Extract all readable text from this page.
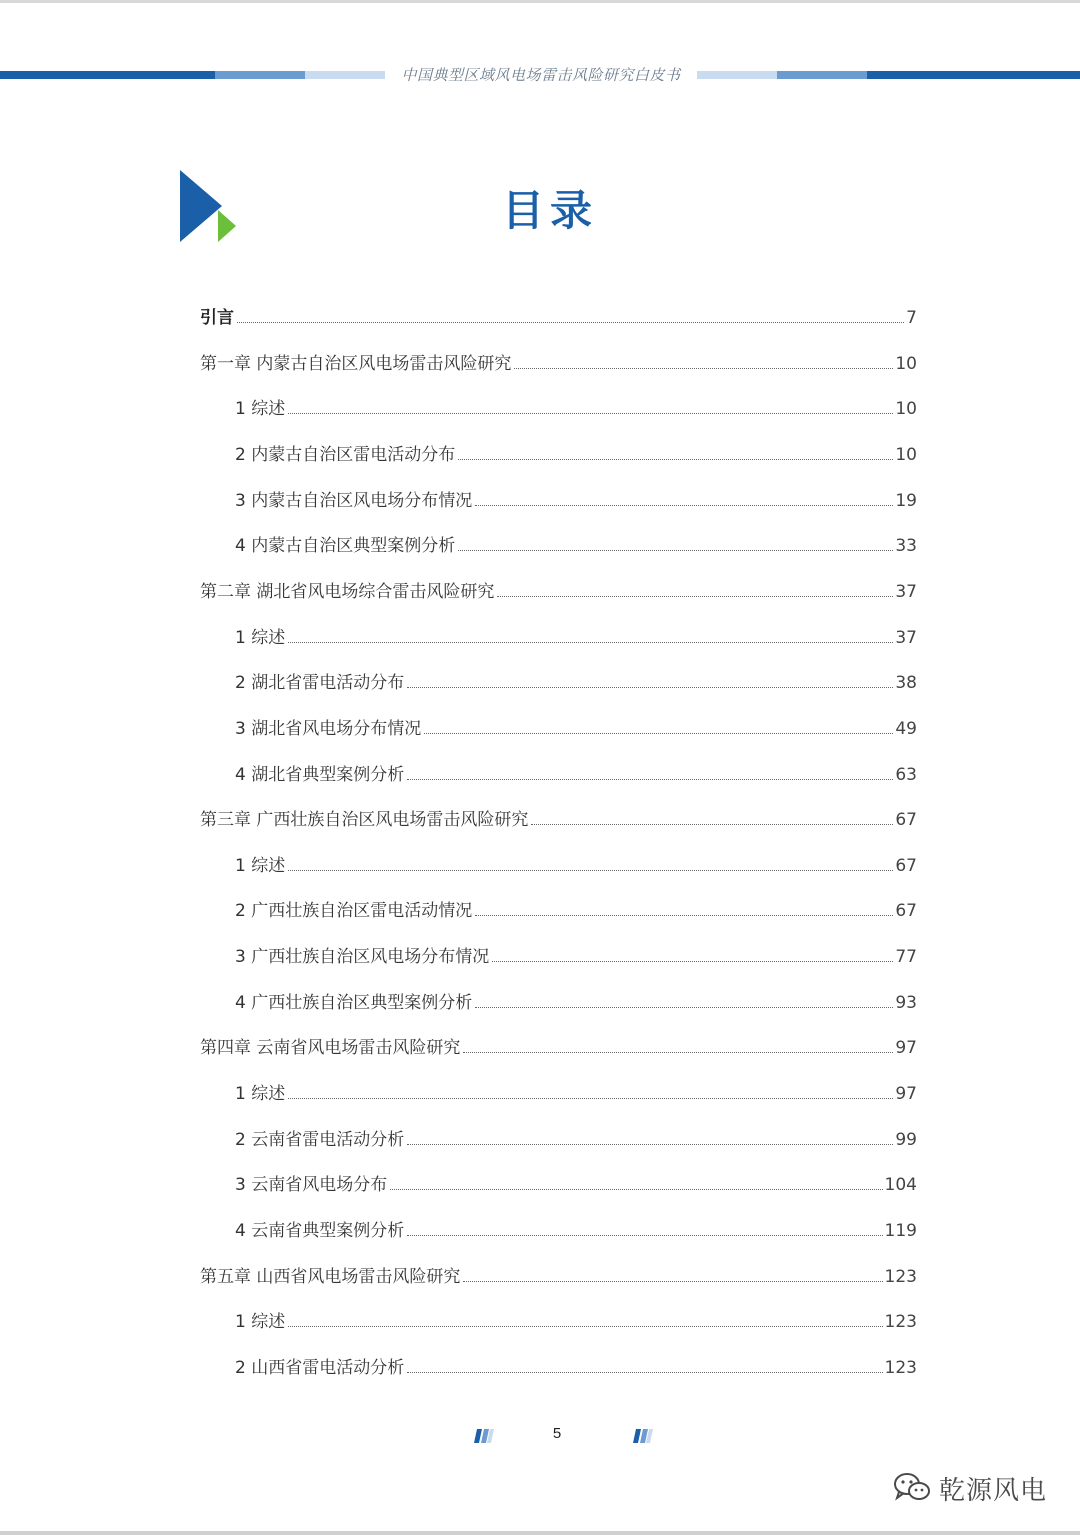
中国典型区域风电场雷击风险研究白皮书
目录
引言	7
第一章 内蒙古自治区风电场雷击风险研究	10
1 综述	10
2 内蒙古自治区雷电活动分布	10
3 内蒙古自治区风电场分布情况	19
4 内蒙古自治区典型案例分析	33
第二章 湖北省风电场综合雷击风险研究	37
1 综述	37
2 湖北省雷电活动分布	38
3 湖北省风电场分布情况	49
4 湖北省典型案例分析	63
第三章 广西壮族自治区风电场雷击风险研究	67
1 综述	67
2 广西壮族自治区雷电活动情况	67
3 广西壮族自治区风电场分布情况	77
4 广西壮族自治区典型案例分析	93
第四章 云南省风电场雷击风险研究	97
1 综述	97
2 云南省雷电活动分析	99
3 云南省风电场分布	104
4 云南省典型案例分析	119
第五章 山西省风电场雷击风险研究	123
1 综述	123
2 山西省雷电活动分析	123
5
乾源风电
